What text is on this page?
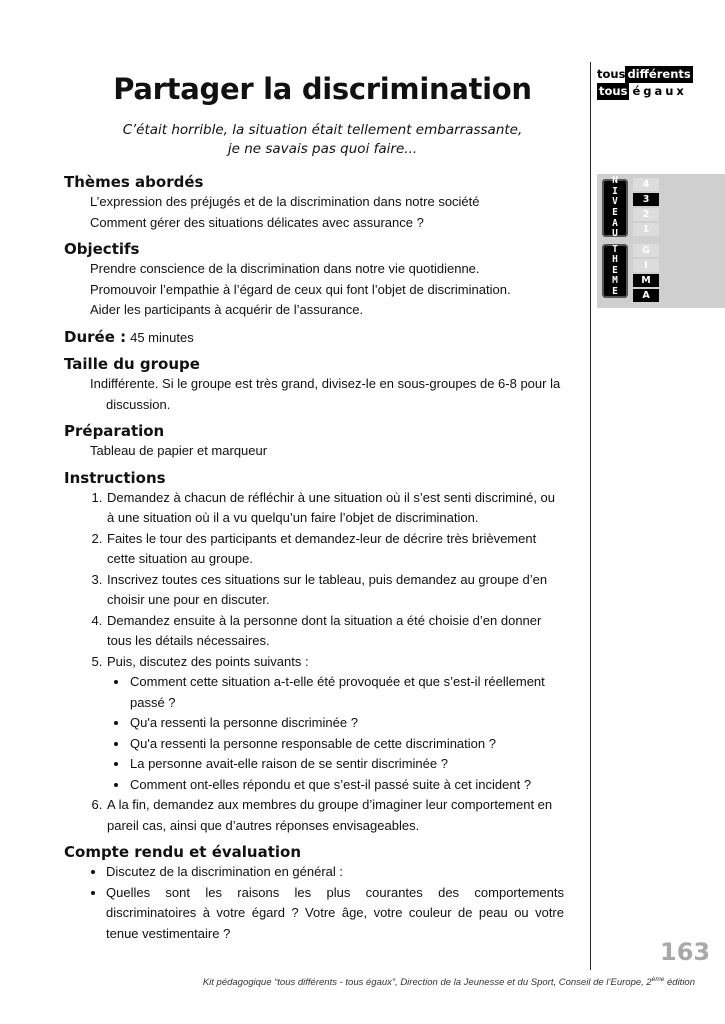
tous différents
tous égaux
N
I
V
E
A
U
4
3
2
1
T
H
E
M
E
G
I
M
A
Partager la discrimination
C’était horrible, la situation était tellement embarrassante,
je ne savais pas quoi faire...
Thèmes abordés
L’expression des préjugés et de la discrimination dans notre société
Comment gérer des situations délicates avec assurance ?
Objectifs
Prendre conscience de la discrimination dans notre vie quotidienne.
Promouvoir l’empathie à l’égard de ceux qui font l’objet de discrimination.
Aider les participants à acquérir de l’assurance.
Durée : 45 minutes
Taille du groupe
Indifférente. Si le groupe est très grand, divisez-le en sous-groupes de 6-8 pour la discussion.
Préparation
Tableau de papier et marqueur
Instructions
1. Demandez à chacun de réfléchir à une situation où il s’est senti discriminé, ou à une situation où il a vu quelqu’un faire l’objet de discrimination.
2. Faites le tour des participants et demandez-leur de décrire très brièvement cette situation au groupe.
3. Inscrivez toutes ces situations sur le tableau, puis demandez au groupe d’en choisir une pour en discuter.
4. Demandez ensuite à la personne dont la situation a été choisie d’en donner tous les détails nécessaires.
5. Puis, discutez des points suivants :
• Comment cette situation a-t-elle été provoquée et que s’est-il réellement passé ?
• Qu'a ressenti la personne discriminée ?
• Qu'a ressenti la personne responsable de cette discrimination ?
• La personne avait-elle raison de se sentir discriminée ?
• Comment ont-elles répondu et que s’est-il passé suite à cet incident ?
6. A la fin, demandez aux membres du groupe d’imaginer leur comportement en pareil cas, ainsi que d’autres réponses envisageables.
Compte rendu et évaluation
• Discutez de la discrimination en général :
• Quelles sont les raisons les plus courantes des comportements discriminatoires à votre égard ? Votre âge, votre couleur de peau ou votre tenue vestimentaire ?
163
Kit pédagogique “tous différents - tous égaux”, Direction de la Jeunesse et du Sport, Conseil de l’Europe, 2ème édition
